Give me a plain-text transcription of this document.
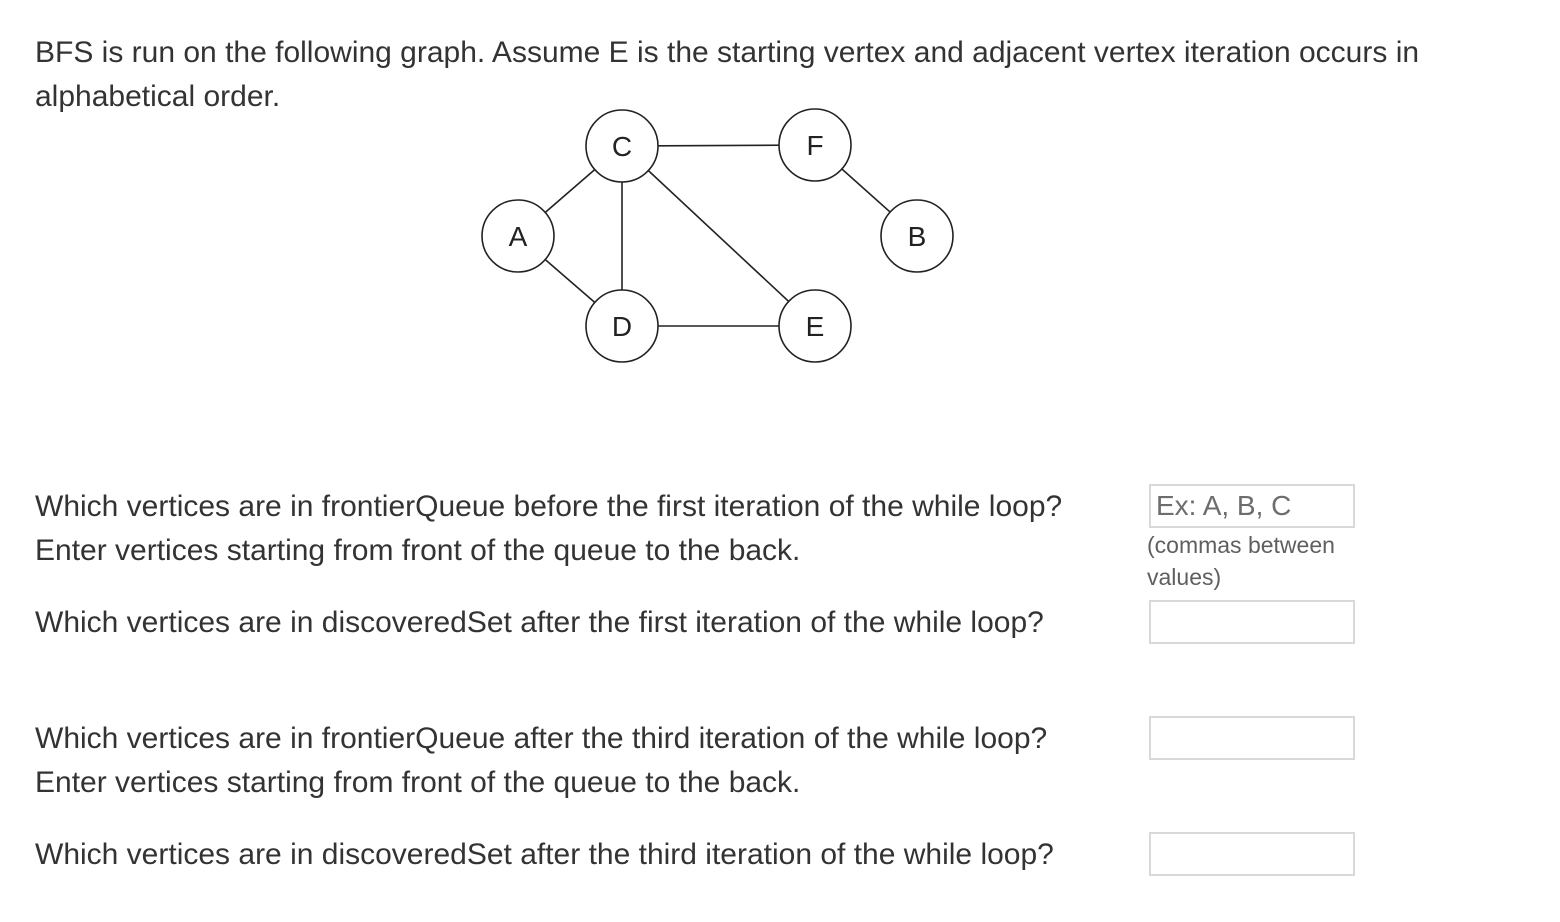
BFS is run on the following graph. Assume E is the starting vertex and adjacent vertex iteration occurs in alphabetical order.

A	B
C
D	E
F

Which vertices are in frontierQueue before the first iteration of the while loop? Enter vertices starting from front of the queue to the back.

Ex: A, B, C	(commas between values)

Which vertices are in discoveredSet after the first iteration of the while loop?

Which vertices are in frontierQueue after the third iteration of the while loop? Enter vertices starting from front of the queue to the back.

Which vertices are in discoveredSet after the third iteration of the while loop?
